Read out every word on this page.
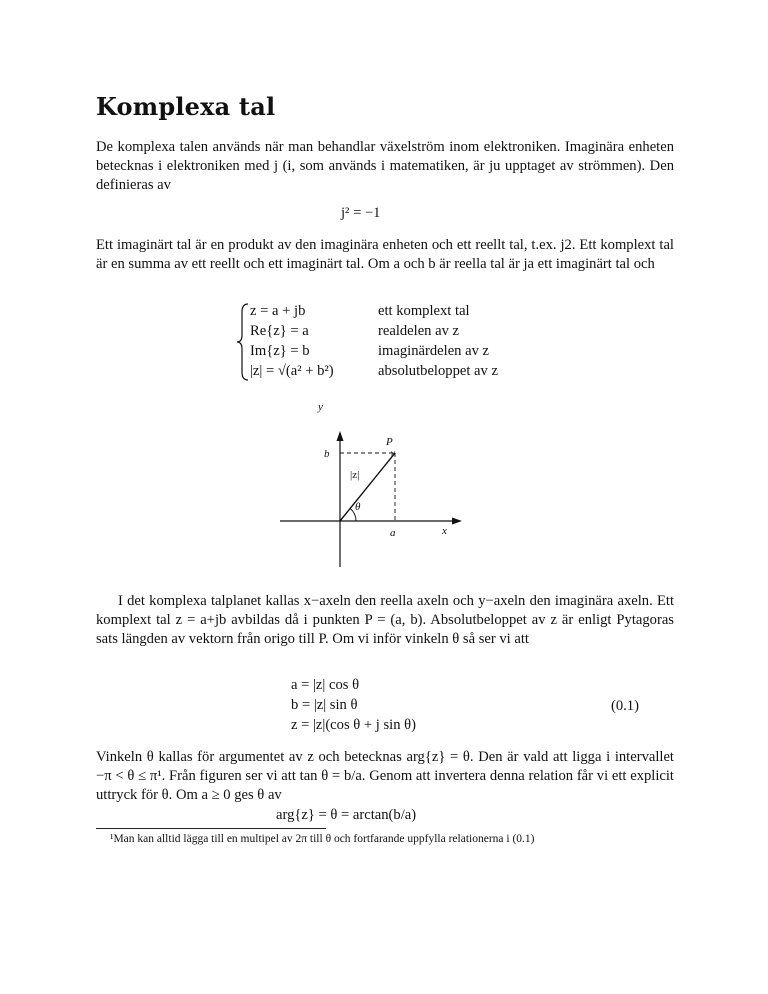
Komplexa tal

De komplexa talen används när man behandlar växelström inom elektroniken. Imaginära enheten betecknas i elektroniken med j (i, som används i matematiken, är ju upptaget av strömmen). Den definieras av

j² = −1

Ett imaginärt tal är en produkt av den imaginära enheten och ett reellt tal, t.ex. j2. Ett komplext tal är en summa av ett reellt och ett imaginärt tal. Om a och b är reella tal är ja ett imaginärt tal och

z = a + jb	ett komplext tal
Re{z} = a	realdelen av z
Im{z} = b	imaginärdelen av z
|z| = √(a² + b²)	absolutbeloppet av z
×
y
x
P
b
a
|z|
θ

I det komplexa talplanet kallas x−axeln den reella axeln och y−axeln den imaginära axeln. Ett komplext tal z = a+jb avbildas då i punkten P = (a, b). Absolutbeloppet av z är enligt Pytagoras sats längden av vektorn från origo till P. Om vi inför vinkeln θ så ser vi att

a = |z| cos θ
b = |z| sin θ
z = |z|(cos θ + j sin θ)
(0.1)

Vinkeln θ kallas för argumentet av z och betecknas arg{z} = θ. Den är vald att ligga i intervallet −π < θ ≤ π¹. Från figuren ser vi att tan θ = b/a. Genom att invertera denna relation får vi ett explicit uttryck för θ. Om a ≥ 0 ges θ av

arg{z} = θ = arctan(b/a)

¹Man kan alltid lägga till en multipel av 2π till θ och fortfarande uppfylla relationerna i (0.1)
